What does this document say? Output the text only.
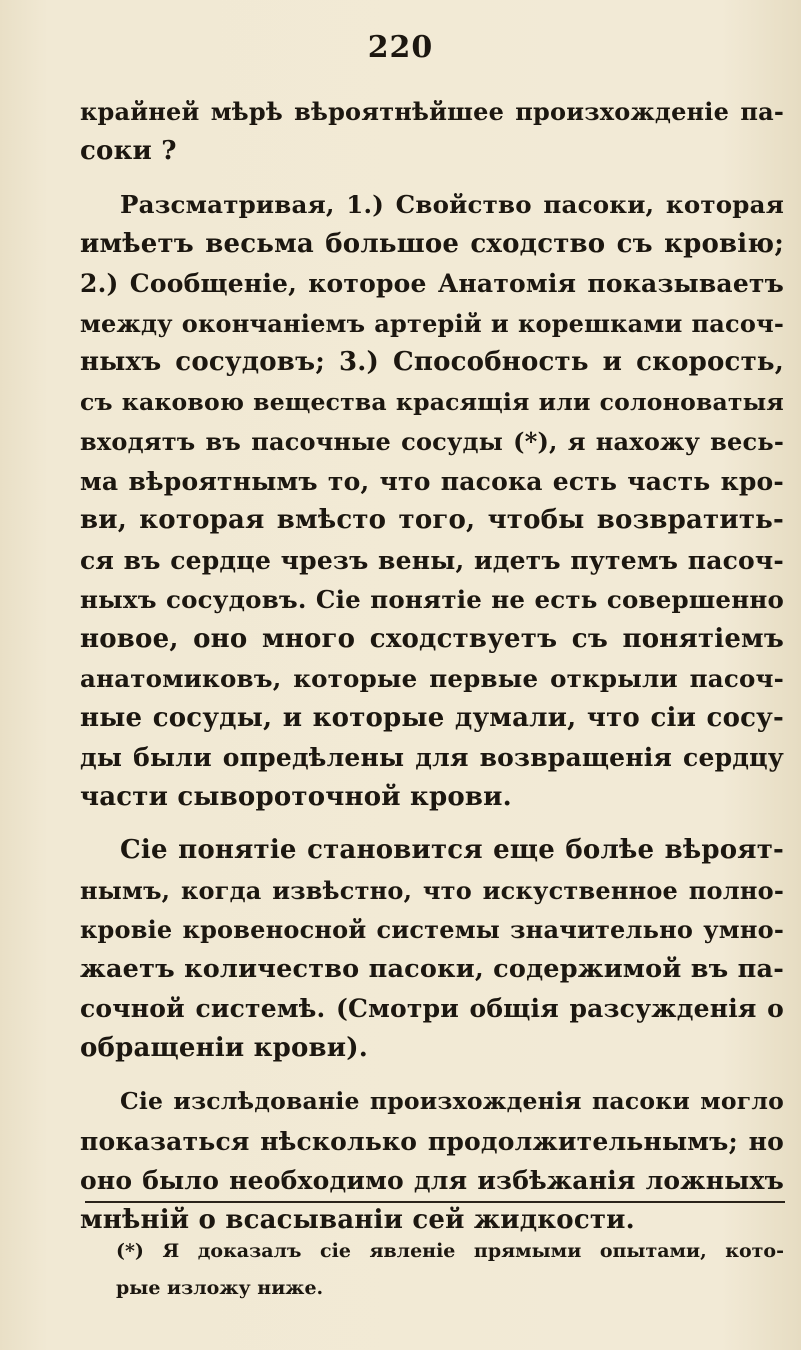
220
крайней мѣрѣ вѣроятнѣйшее произхожденіе па-
соки ?
Разсматривая, 1.) Свойство пасоки, которая
имѣетъ весьма большое сходство съ кровію;
2.) Сообщеніе, которое Анатомія показываетъ
между окончаніемъ артерій и корешками пасоч-
ныхъ сосудовъ; 3.) Способность и скорость,
съ каковою вещества красящія или солоноватыя
входятъ въ пасочные сосуды (*), я нахожу весь-
ма вѣроятнымъ то, что пасока есть часть кро-
ви, которая вмѣсто того, чтобы возвратить-
ся въ сердце чрезъ вены, идетъ путемъ пасоч-
ныхъ сосудовъ. Сіе понятіе не есть совершенно
новое, оно много сходствуетъ съ понятіемъ
анатомиковъ, которые первые открыли пасоч-
ные сосуды, и которые думали, что сіи сосу-
ды были опредѣлены для возвращенія сердцу
части сывороточной крови.
Сіе понятіе становится еще болѣе вѣроят-
нымъ, когда извѣстно, что искуственное полно-
кровіе кровеносной системы значительно умно-
жаетъ количество пасоки, содержимой въ па-
сочной системѣ. (Смотри общія разсужденія о
обращеніи крови).
Сіе изслѣдованіе произхожденія пасоки могло
показаться нѣсколько продолжительнымъ; но
оно было необходимо для избѣжанія ложныхъ
мнѣній о всасываніи сей жидкости.
(*) Я доказалъ сіе явленіе прямыми опытами, кото-
рые изложу ниже.
